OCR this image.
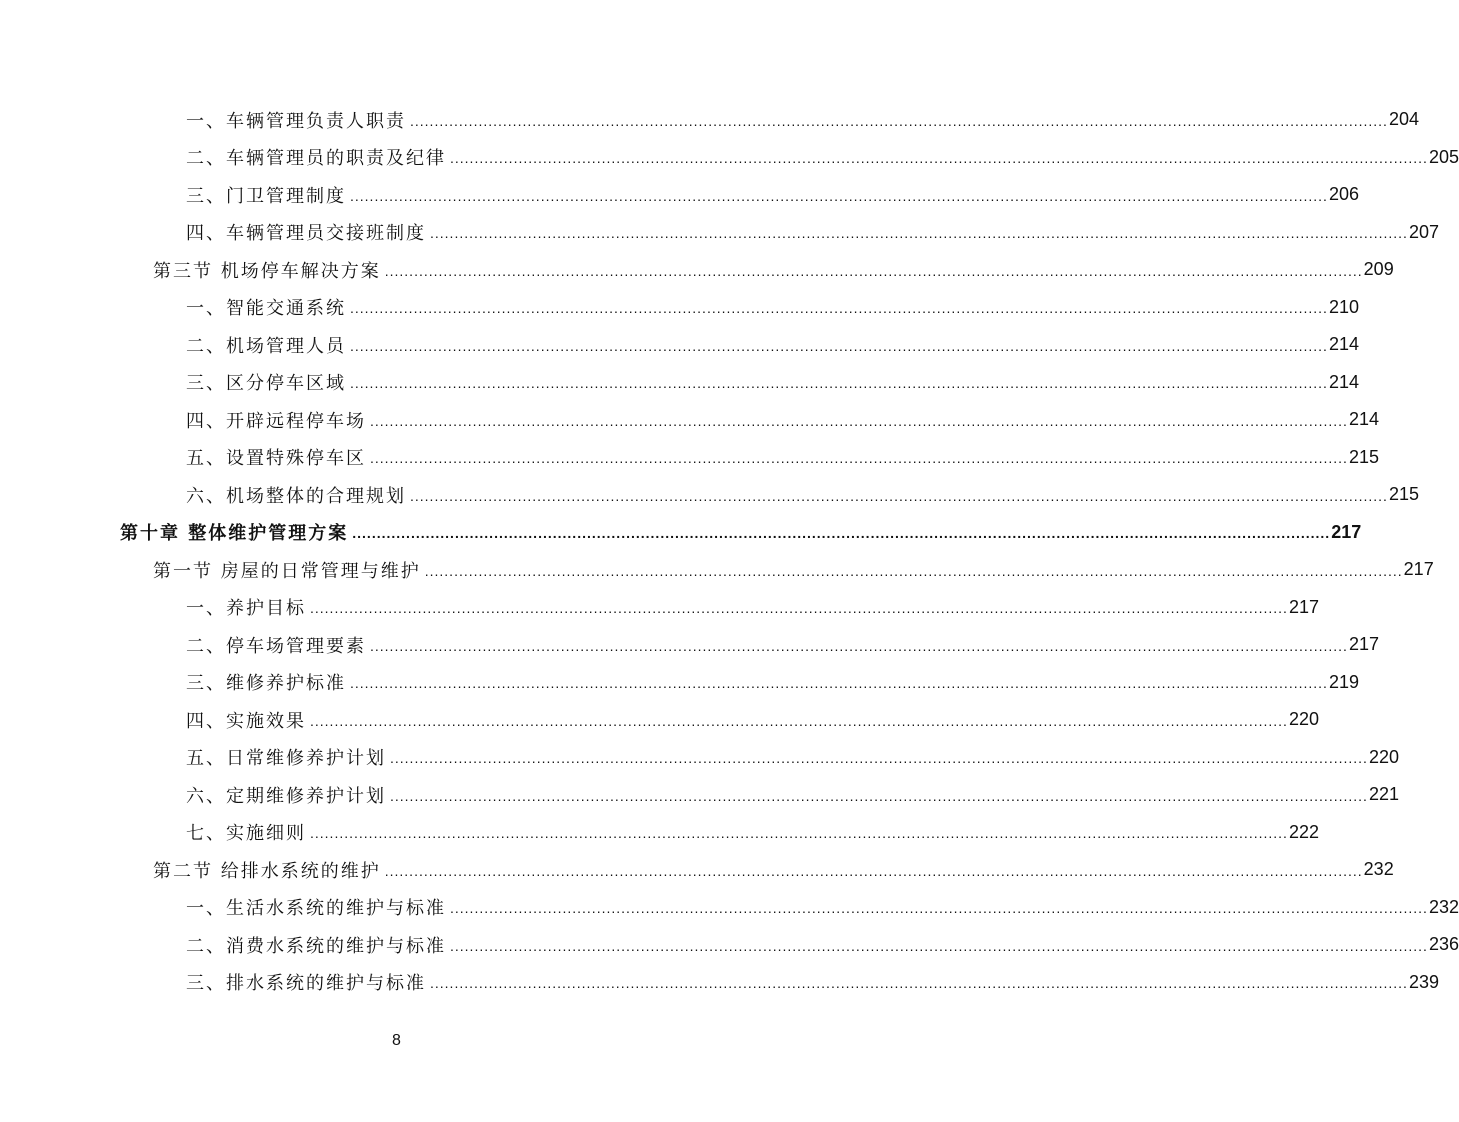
一、车辆管理负责人职责 ........................................................................................................................................................................................................ 204
二、车辆管理员的职责及纪律 ........................................................................................................................................................................................................ 205
三、门卫管理制度 ........................................................................................................................................................................................................ 206
四、车辆管理员交接班制度 ........................................................................................................................................................................................................ 207
第三节 机场停车解决方案 ........................................................................................................................................................................................................ 209
一、智能交通系统 ........................................................................................................................................................................................................ 210
二、机场管理人员 ........................................................................................................................................................................................................ 214
三、区分停车区域 ........................................................................................................................................................................................................ 214
四、开辟远程停车场 ........................................................................................................................................................................................................ 214
五、设置特殊停车区 ........................................................................................................................................................................................................ 215
六、机场整体的合理规划 ........................................................................................................................................................................................................ 215
第十章 整体维护管理方案 ........................................................................................................................................................................................................ 217
第一节 房屋的日常管理与维护 ........................................................................................................................................................................................................ 217
一、养护目标 ........................................................................................................................................................................................................ 217
二、停车场管理要素 ........................................................................................................................................................................................................ 217
三、维修养护标准 ........................................................................................................................................................................................................ 219
四、实施效果 ........................................................................................................................................................................................................ 220
五、日常维修养护计划 ........................................................................................................................................................................................................ 220
六、定期维修养护计划 ........................................................................................................................................................................................................ 221
七、实施细则 ........................................................................................................................................................................................................ 222
第二节 给排水系统的维护 ........................................................................................................................................................................................................ 232
一、生活水系统的维护与标准 ........................................................................................................................................................................................................ 232
二、消费水系统的维护与标准 ........................................................................................................................................................................................................ 236
三、排水系统的维护与标准 ........................................................................................................................................................................................................ 239
8
